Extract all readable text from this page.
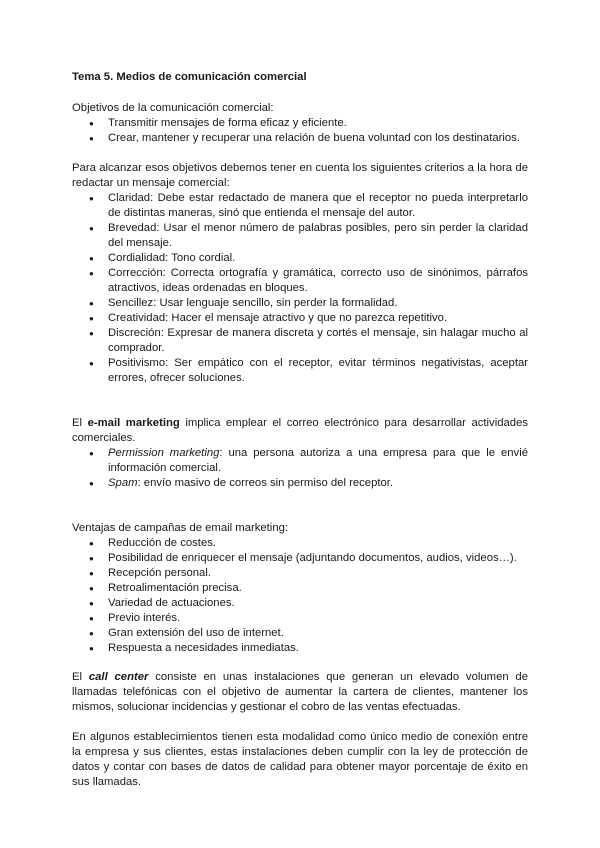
Tema 5. Medios de comunicación comercial

Objetivos de la comunicación comercial:

● Transmitir mensajes de forma eficaz y eficiente.
● Crear, mantener y recuperar una relación de buena voluntad con los destinatarios.

Para alcanzar esos objetivos debemos tener en cuenta los siguientes criterios a la hora de redactar un mensaje comercial:

● Claridad: Debe estar redactado de manera que el receptor no pueda interpretarlo de distintas maneras, sinó que entienda el mensaje del autor.
● Brevedad: Usar el menor número de palabras posibles, pero sin perder la claridad del mensaje.
● Cordialidad: Tono cordial.
● Corrección: Correcta ortografía y gramática, correcto uso de sinónimos, párrafos atractivos, ideas ordenadas en bloques.
● Sencillez: Usar lenguaje sencillo, sin perder la formalidad.
● Creatividad: Hacer el mensaje atractivo y que no parezca repetitivo.
● Discreción: Expresar de manera discreta y cortés el mensaje, sin halagar mucho al comprador.
● Positivismo: Ser empático con el receptor, evitar términos negativistas, aceptar errores, ofrecer soluciones.

El e-mail marketing implica emplear el correo electrónico para desarrollar actividades comerciales.

● Permission marketing: una persona autoriza a una empresa para que le envié información comercial.
● Spam: envío masivo de correos sin permiso del receptor.

Ventajas de campañas de email marketing:

● Reducción de costes.
● Posibilidad de enriquecer el mensaje (adjuntando documentos, audios, videos…).
● Recepción personal.
● Retroalimentación precisa.
● Variedad de actuaciones.
● Previo interés.
● Gran extensión del uso de internet.
● Respuesta a necesidades inmediatas.

El call center consiste en unas instalaciones que generan un elevado volumen de llamadas telefónicas con el objetivo de aumentar la cartera de clientes, mantener los mismos, solucionar incidencias y gestionar el cobro de las ventas efectuadas.

En algunos establecimientos tienen esta modalidad como único medio de conexión entre la empresa y sus clientes, estas instalaciones deben cumplir con la ley de protección de datos y contar con bases de datos de calidad para obtener mayor porcentaje de éxito en sus llamadas.
